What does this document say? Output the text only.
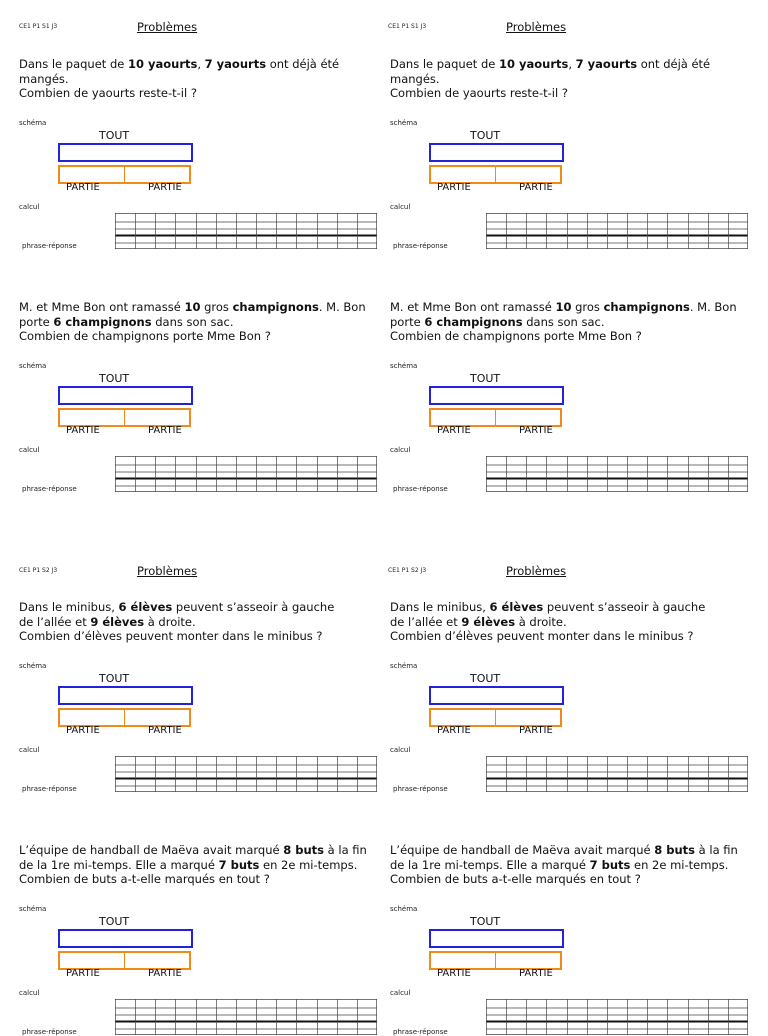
CE1 P1 S1 J3	Problèmes
Dans le paquet de 10 yaourts, 7 yaourts ont déjà été mangés.
Combien de yaourts reste-t-il ?
schéma
TOUT
PARTIE	PARTIE
calcul
phrase-réponse
M. et Mme Bon ont ramassé 10 gros champignons. M. Bon porte 6 champignons dans son sac.
Combien de champignons porte Mme Bon ?
schéma
TOUT
PARTIE	PARTIE
calcul
phrase-réponse
CE1 P1 S2 J3	Problèmes
Dans le minibus, 6 élèves peuvent s’asseoir à gauche
de l’allée et 9 élèves à droite.
Combien d’élèves peuvent monter dans le minibus ?
schéma
TOUT
PARTIE	PARTIE
calcul
phrase-réponse
L’équipe de handball de Maëva avait marqué 8 buts à la fin de la 1re mi-temps. Elle a marqué 7 buts en 2e mi-temps.
Combien de buts a-t-elle marqués en tout ?
schéma
TOUT
PARTIE	PARTIE
calcul
phrase-réponse
CE1 P1 S1 J3	Problèmes
Dans le paquet de 10 yaourts, 7 yaourts ont déjà été mangés.
Combien de yaourts reste-t-il ?
schéma
TOUT
PARTIE	PARTIE
calcul
phrase-réponse
M. et Mme Bon ont ramassé 10 gros champignons. M. Bon porte 6 champignons dans son sac.
Combien de champignons porte Mme Bon ?
schéma
TOUT
PARTIE	PARTIE
calcul
phrase-réponse
CE1 P1 S2 J3	Problèmes
Dans le minibus, 6 élèves peuvent s’asseoir à gauche
de l’allée et 9 élèves à droite.
Combien d’élèves peuvent monter dans le minibus ?
schéma
TOUT
PARTIE	PARTIE
calcul
phrase-réponse
L’équipe de handball de Maëva avait marqué 8 buts à la fin de la 1re mi-temps. Elle a marqué 7 buts en 2e mi-temps.
Combien de buts a-t-elle marqués en tout ?
schéma
TOUT
PARTIE	PARTIE
calcul
phrase-réponse
